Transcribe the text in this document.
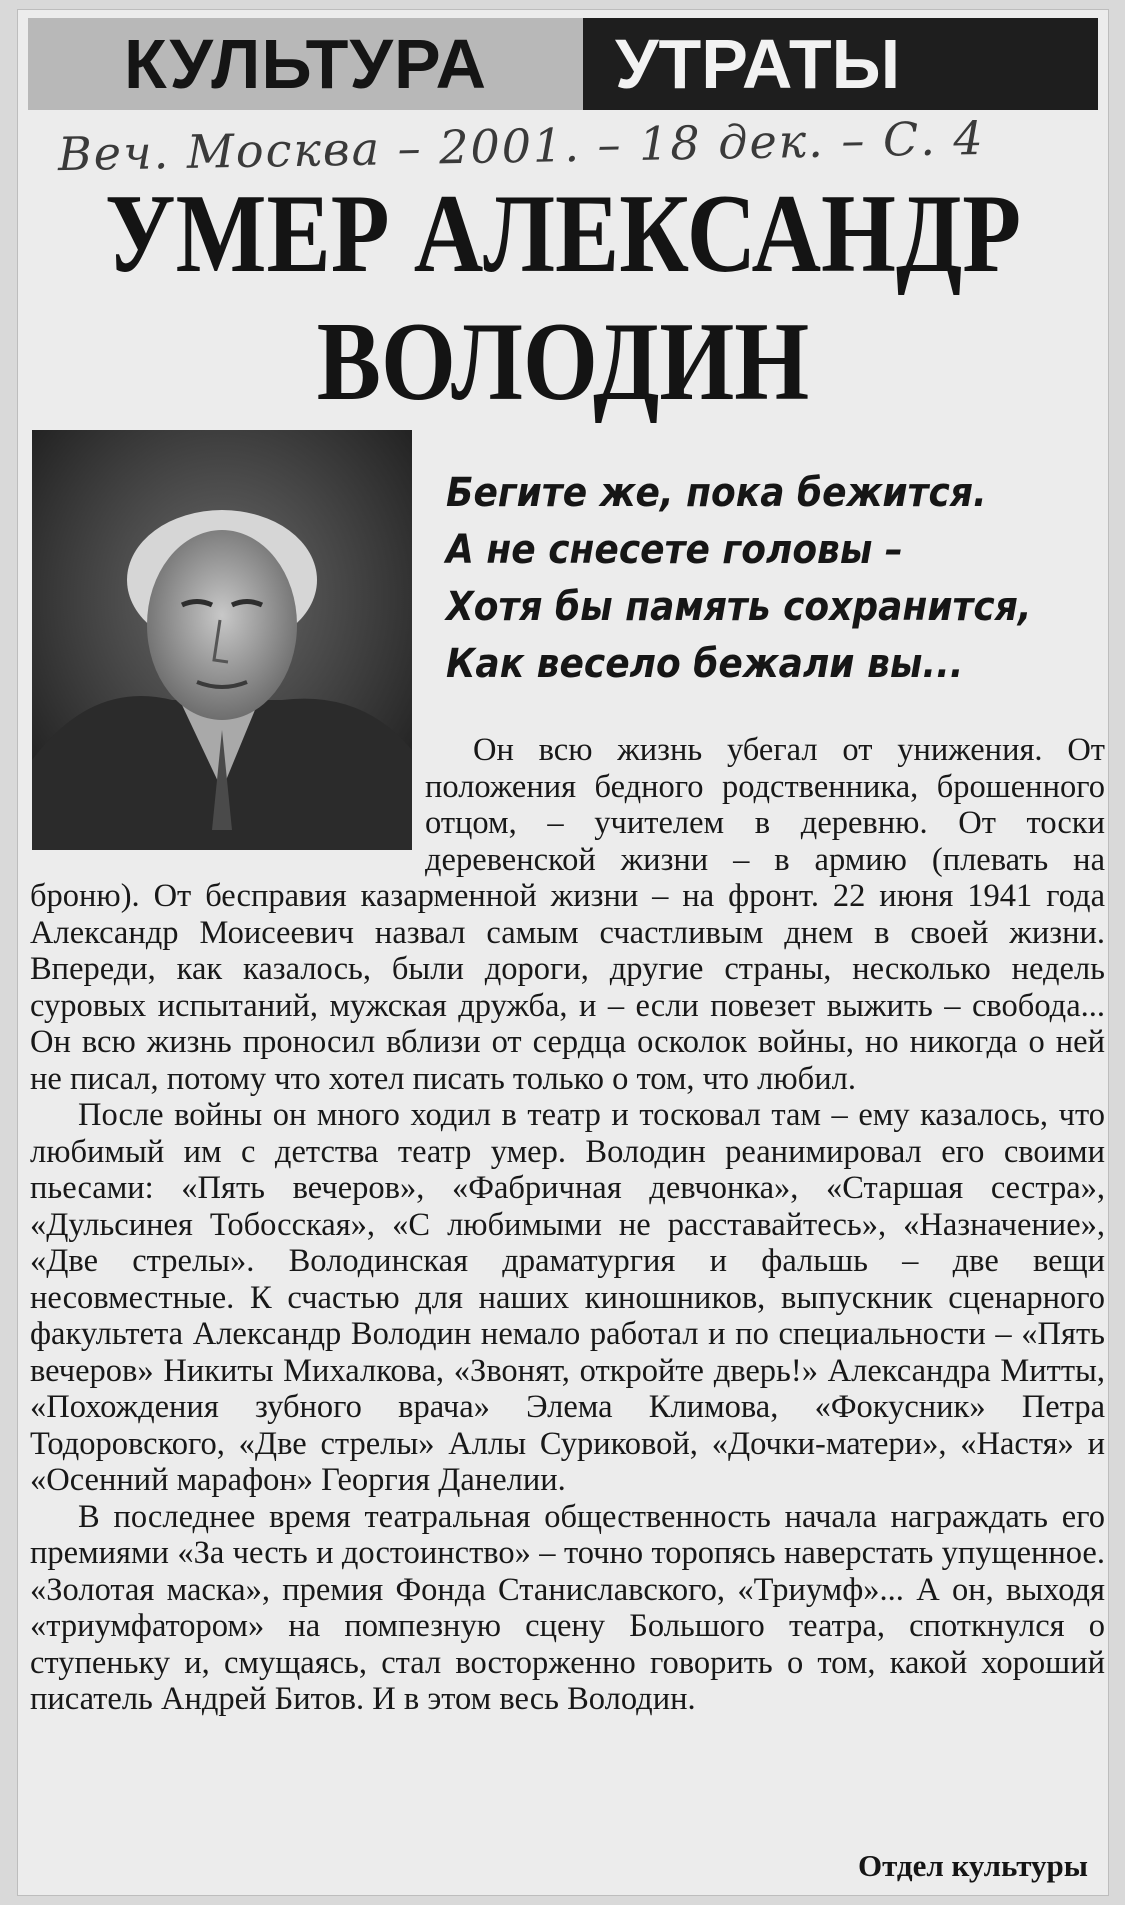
КУЛЬТУРА	УТРАТЫ
Веч. Москва – 2001. – 18 дек. – С. 4
УМЕР АЛЕКСАНДР
ВОЛОДИН
Бегите же, пока бежится.
А не снесете головы –
Хотя бы память сохранится,
Как весело бежали вы...

Он всю жизнь убегал от унижения. От положения бедного родственника, брошенного отцом, – учителем в деревню. От тоски деревенской жизни – в армию (плевать на броню). От бесправия казарменной жизни – на фронт. 22 июня 1941 года Александр Моисеевич назвал самым счастливым днем в своей жизни. Впереди, как казалось, были дороги, другие страны, несколько недель суровых испытаний, мужская дружба, и – если повезет выжить – свобода... Он всю жизнь проносил вблизи от сердца осколок войны, но никогда о ней не писал, потому что хотел писать только о том, что любил.

После войны он много ходил в театр и тосковал там – ему казалось, что любимый им с детства театр умер. Володин реанимировал его своими пьесами: «Пять вечеров», «Фабричная девчонка», «Старшая сестра», «Дульсинея Тобосская», «С любимыми не расставайтесь», «Назначение», «Две стрелы». Володинская драматургия и фальшь – две вещи несовместные. К счастью для наших киношников, выпускник сценарного факультета Александр Володин немало работал и по специальности – «Пять вечеров» Никиты Михалкова, «Звонят, откройте дверь!» Александра Митты, «Похождения зубного врача» Элема Климова, «Фокусник» Петра Тодоровского, «Две стрелы» Аллы Суриковой, «Дочки-матери», «Настя» и «Осенний марафон» Георгия Данелии.

В последнее время театральная общественность начала награждать его премиями «За честь и достоинство» – точно торопясь наверстать упущенное. «Золотая маска», премия Фонда Станиславского, «Триумф»... А он, выходя «триумфатором» на помпезную сцену Большого театра, споткнулся о ступеньку и, смущаясь, стал восторженно говорить о том, какой хороший писатель Андрей Битов. И в этом весь Володин.

Отдел культуры
